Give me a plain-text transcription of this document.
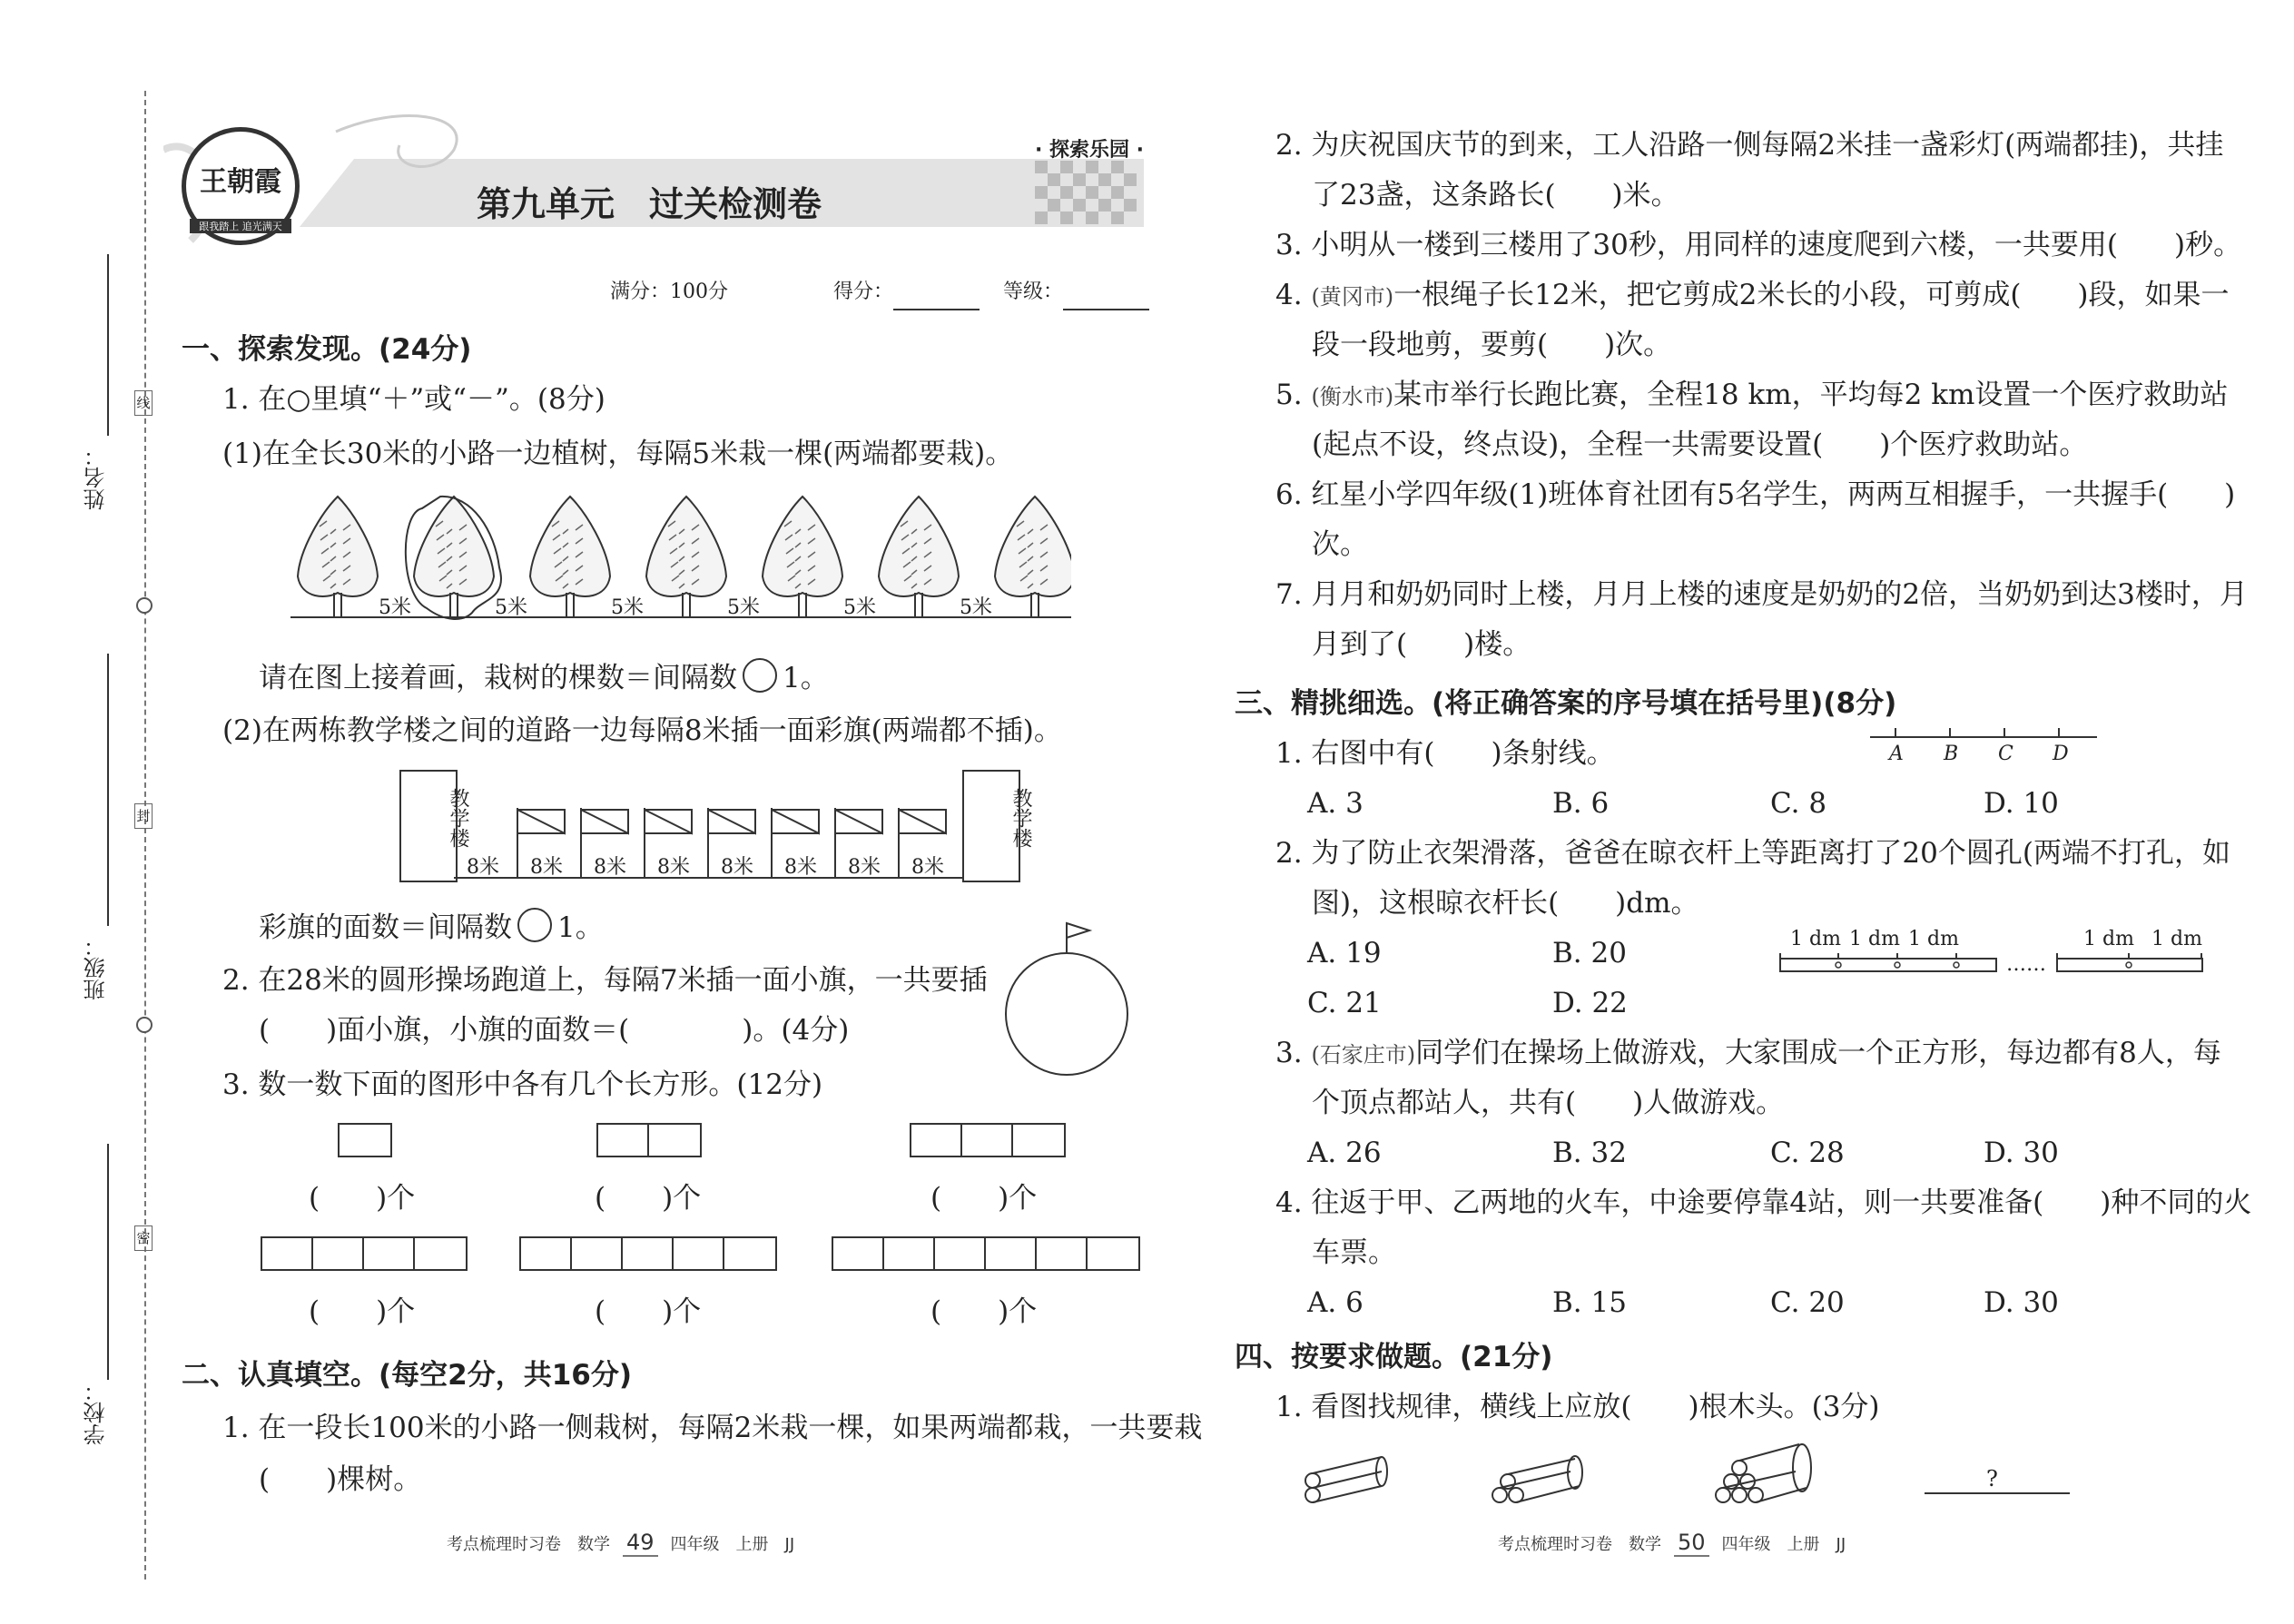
姓名：
班级：
学校：
线
封
密
王朝霞
跟我踏上 追光满天
· 探索乐园 ·
第九单元　过关检测卷
满分：100分	得分：	等级：
一、探索发现。(24分)
1. 在○里填“＋”或“－”。(8分)
(1)在全长30米的小路一边植树，每隔5米栽一棵(两端都要栽)。
5米	5米	5米	5米	5米	5米
请在图上接着画，栽树的棵数＝间隔数 1。
(2)在两栋教学楼之间的道路一边每隔8米插一面彩旗(两端都不插)。
教学楼	教学楼
8米 8米 8米 8米 8米 8米 8米 8米
彩旗的面数＝间隔数 1。
2. 在28米的圆形操场跑道上，每隔7米插一面小旗，一共要插
(　　)面小旗，小旗的面数＝(　　　　)。(4分)
3. 数一数下面的图形中各有几个长方形。(12分)
(　　)个	(　　)个	(　　)个
(　　)个	(　　)个	(　　)个
二、认真填空。(每空2分，共16分)
1. 在一段长100米的小路一侧栽树，每隔2米栽一棵，如果两端都栽，一共要栽
(　　)棵树。
考点梳理时习卷　数学 49 四年级　上册　JJ
2. 为庆祝国庆节的到来，工人沿路一侧每隔2米挂一盏彩灯(两端都挂)，共挂
了23盏，这条路长(　　)米。
3. 小明从一楼到三楼用了30秒，用同样的速度爬到六楼，一共要用(　　)秒。
4. (黄冈市)一根绳子长12米，把它剪成2米长的小段，可剪成(　　)段，如果一
段一段地剪，要剪(　　)次。
5. (衡水市)某市举行长跑比赛，全程18 km，平均每2 km设置一个医疗救助站
(起点不设，终点设)，全程一共需要设置(　　)个医疗救助站。
6. 红星小学四年级(1)班体育社团有5名学生，两两互相握手，一共握手(　　)
次。
7. 月月和奶奶同时上楼，月月上楼的速度是奶奶的2倍，当奶奶到达3楼时，月
月到了(　　)楼。
三、精挑细选。(将正确答案的序号填在括号里)(8分)
1. 右图中有(　　)条射线。	A B C D
A. 3	B. 6	C. 8	D. 10
2. 为了防止衣架滑落，爸爸在晾衣杆上等距离打了20个圆孔(两端不打孔，如
图)，这根晾衣杆长(　　)dm。
A. 19	B. 20
C. 21	D. 22
1 dm 1 dm 1 dm	1 dm 1 dm
……
3. (石家庄市)同学们在操场上做游戏，大家围成一个正方形，每边都有8人，每
个顶点都站人，共有(　　)人做游戏。
A. 26	B. 32	C. 28	D. 30
4. 往返于甲、乙两地的火车，中途要停靠4站，则一共要准备(　　)种不同的火
车票。
A. 6	B. 15	C. 20	D. 30
四、按要求做题。(21分)
1. 看图找规律，横线上应放(　　)根木头。(3分)
?
考点梳理时习卷　数学 50 四年级　上册　JJ
